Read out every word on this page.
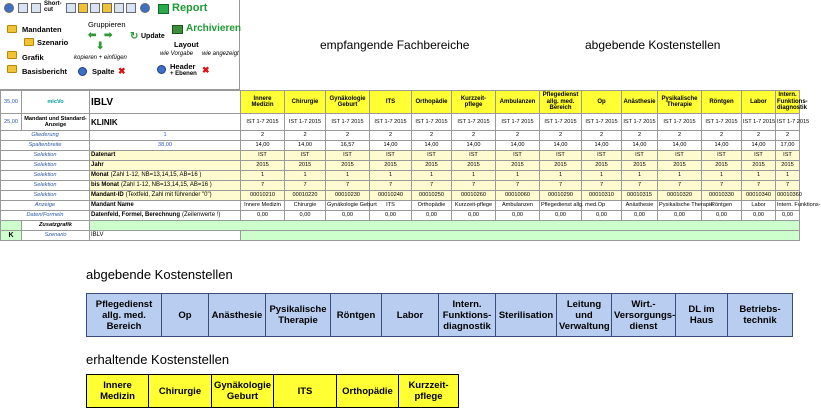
Short-
cut	Report
Mandanten
Szenario
Grafik
Basisbericht
Gruppieren
⬅ ➡
⬇
kopieren + einfügen
↻ Update
Archivieren
Layout
wie Vorgabe wie angezeigt
Spalte ✖	Header
+ Ebenen ✖
empfangende Fachbereiche	abgebende Kostenstellen
35,00	micVo	IBLV	Innere Medizin	Chirurgie	Gynäkologie Geburt	ITS	Orthopädie	Kurzzeit-pflege	Ambulanzen	Pflegedienst allg. med. Bereich	Op	Anästhesie	Pysikalische Therapie	Röntgen	Labor	Intern. Funktions-diagnostik
25,00	Mandant und Standard-Anzeige	KLINIK	IST 1-7 2015	IST 1-7 2015	IST 1-7 2015	IST 1-7 2015	IST 1-7 2015	IST 1-7 2015	IST 1-7 2015	IST 1-7 2015	IST 1-7 2015	IST 1-7 2015	IST 1-7 2015	IST 1-7 2015	IST 1-7 2015	IST 1-7 2015
Gliederung		1	2	2	2	2	2	2	2	2	2	2	2	2	2	2
Spaltenbreite		38,00	14,00	14,00	16,57	14,00	14,00	14,00	14,00	14,00	14,00	14,00	14,00	14,00	14,00	17,00
Selektion		Datenart	IST	IST	IST	IST	IST	IST	IST	IST	IST	IST	IST	IST	IST	IST
Selektion		Jahr	2015	2015	2015	2015	2015	2015	2015	2015	2015	2015	2015	2015	2015	2015
Selektion		Monat (Zahl 1-12, NB=13,14,15, AB=16 )	1	1	1	1	1	1	1	1	1	1	1	1	1	1
Selektion		bis Monat (Zahl 1-12, NB=13,14,15, AB=16 )	7	7	7	7	7	7	7	7	7	7	7	7	7	7
Selektion		Mandant-ID (Textfeld, Zahl mit führender "0")	00010210	00010220	00010230	00010240	00010250	00010260	00010060	00010290	00010310	00010315	00010320	00010330	00010340	00010360
Anzeige		Mandant Name	Innere Medizin	Chirurgie	Gynäkologie Geburt	ITS	Orthopädie	Kurzzeit-pflege	Ambulanzen	Pflegedienst allg. med.	Op	Anästhesie	Pysikalische Therapie	Röntgen	Labor	Intern. Funktions-
Daten/Formeln		Datenfeld, Formel, Berechnung (Zeilenwerte !)	0,00	0,00	0,00	0,00	0,00	0,00	0,00	0,00	0,00	0,00	0,00	0,00	0,00	0,00
	Zusatzgrafik															
K	Szenario	IBLV														
abgebende Kostenstellen
Pflegedienst allg. med. Bereich	Op	Anästhesie	Pysikalische Therapie	Röntgen	Labor	Intern. Funktions-diagnostik	Sterilisation	Leitung und Verwaltung	Wirt.-Versorgungs-dienst	DL im Haus	Betriebs-technik
erhaltende Kostenstellen
Innere Medizin	Chirurgie	Gynäkologie Geburt	ITS	Orthopädie	Kurzzeit-pflege
